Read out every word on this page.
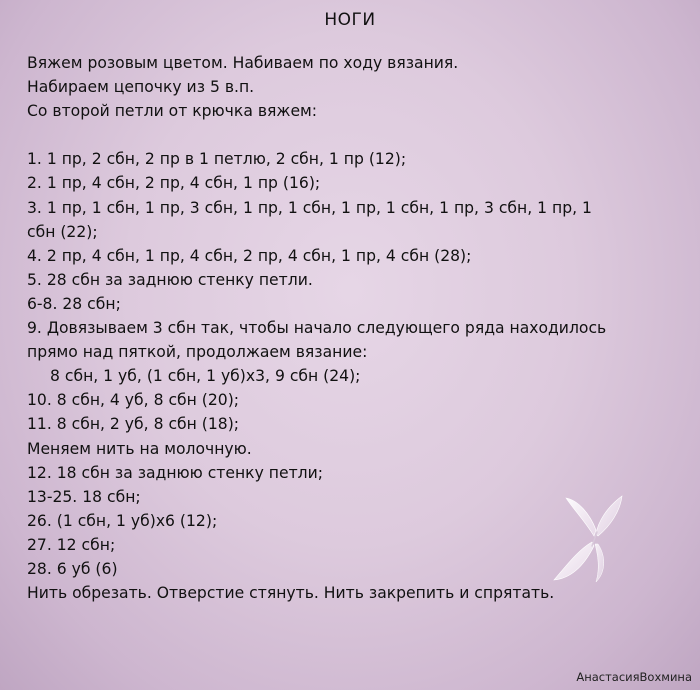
НОГИ
Вяжем розовым цветом. Набиваем по ходу вязания.
Набираем цепочку из 5 в.п.
Со второй петли от крючка вяжем:
1. 1 пр, 2 сбн, 2 пр в 1 петлю, 2 сбн, 1 пр (12);
2. 1 пр, 4 сбн, 2 пр, 4 сбн, 1 пр (16);
3. 1 пр, 1 сбн, 1 пр, 3 сбн, 1 пр, 1 сбн, 1 пр, 1 сбн, 1 пр, 3 сбн, 1 пр, 1
сбн (22);
4. 2 пр, 4 сбн, 1 пр, 4 сбн, 2 пр, 4 сбн, 1 пр, 4 сбн (28);
5. 28 сбн за заднюю стенку петли.
6-8. 28 сбн;
9. Довязываем 3 сбн так, чтобы начало следующего ряда находилось
прямо над пяткой, продолжаем вязание:
8 сбн, 1 уб, (1 сбн, 1 уб)х3, 9 сбн (24);
10. 8 сбн, 4 уб, 8 сбн (20);
11. 8 сбн, 2 уб, 8 сбн (18);
Меняем нить на молочную.
12. 18 сбн за заднюю стенку петли;
13-25. 18 сбн;
26. (1 сбн, 1 уб)х6 (12);
27. 12 сбн;
28. 6 уб (6)
Нить обрезать. Отверстие стянуть. Нить закрепить и спрятать.
АнастасияВохмина
